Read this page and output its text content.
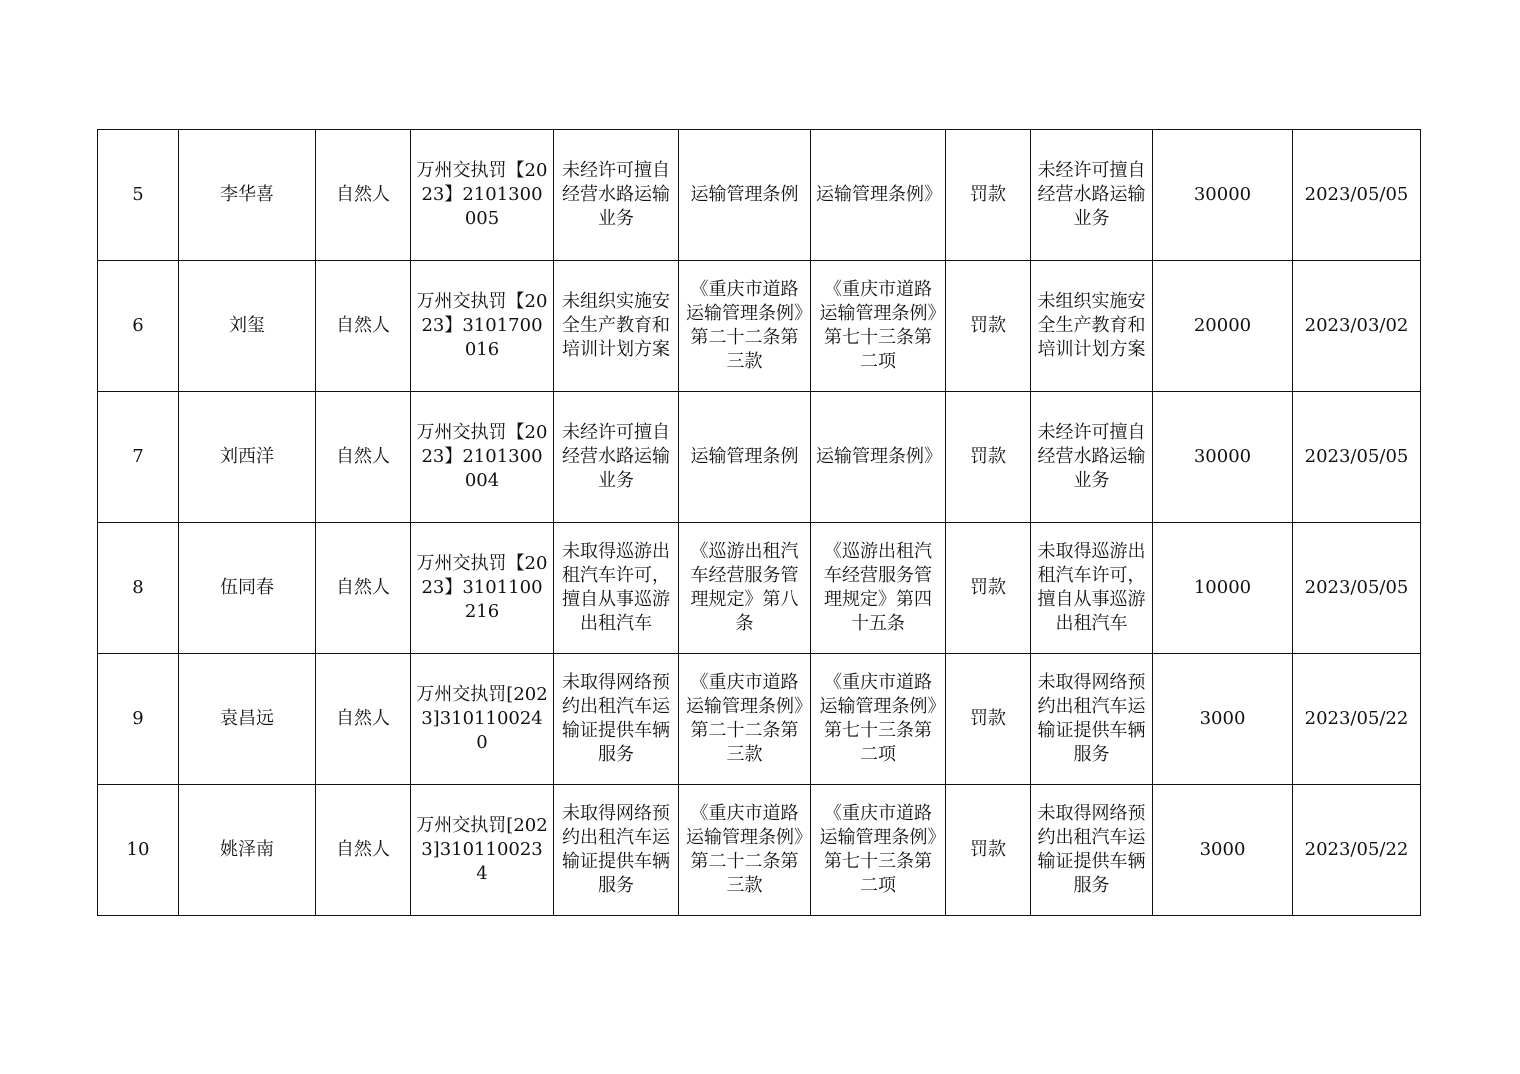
5	李华喜	自然人	万州交执罚【2023】2101300005	未经许可擅自经营水路运输业务	运输管理条例	运输管理条例》	罚款	未经许可擅自经营水路运输业务	30000	2023/05/05
6	刘玺	自然人	万州交执罚【2023】3101700016	未组织实施安全生产教育和培训计划方案	《重庆市道路运输管理条例》第二十二条第三款	《重庆市道路运输管理条例》第七十三条第二项	罚款	未组织实施安全生产教育和培训计划方案	20000	2023/03/02
7	刘西洋	自然人	万州交执罚【2023】2101300004	未经许可擅自经营水路运输业务	运输管理条例	运输管理条例》	罚款	未经许可擅自经营水路运输业务	30000	2023/05/05
8	伍同春	自然人	万州交执罚【2023】3101100216	未取得巡游出租汽车许可，擅自从事巡游出租汽车	《巡游出租汽车经营服务管理规定》第八条	《巡游出租汽车经营服务管理规定》第四十五条	罚款	未取得巡游出租汽车许可，擅自从事巡游出租汽车	10000	2023/05/05
9	袁昌远	自然人	万州交执罚[2023]3101100240	未取得网络预约出租汽车运输证提供车辆服务	《重庆市道路运输管理条例》第二十二条第三款	《重庆市道路运输管理条例》第七十三条第二项	罚款	未取得网络预约出租汽车运输证提供车辆服务	3000	2023/05/22
10	姚泽南	自然人	万州交执罚[2023]3101100234	未取得网络预约出租汽车运输证提供车辆服务	《重庆市道路运输管理条例》第二十二条第三款	《重庆市道路运输管理条例》第七十三条第二项	罚款	未取得网络预约出租汽车运输证提供车辆服务	3000	2023/05/22
